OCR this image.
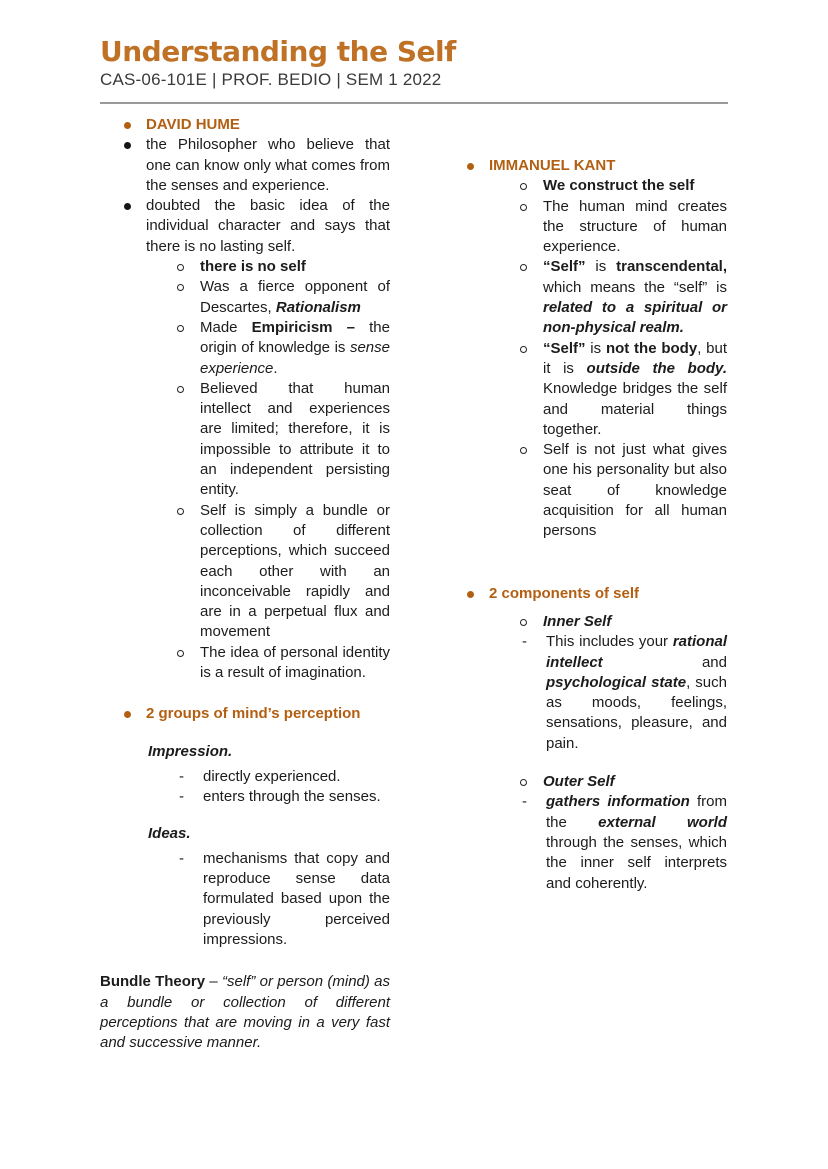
Understanding the Self
CAS-06-101E | PROF. BEDIO | SEM 1 2022
DAVID HUME
the Philosopher who believe that one can know only what comes from the senses and experience.
doubted the basic idea of the individual character and says that there is no lasting self.
there is no self
Was a fierce opponent of Descartes, Rationalism
Made Empiricism – the origin of knowledge is sense experience.
Believed that human intellect and experiences are limited; therefore, it is impossible to attribute it to an independent persisting entity.
Self is simply a bundle or collection of different perceptions, which succeed each other with an inconceivable rapidly and are in a perpetual flux and movement
The idea of personal identity is a result of imagination.
2 groups of mind’s perception
Impression.
- directly experienced.
- enters through the senses.
Ideas.
- mechanisms that copy and reproduce sense data formulated based upon the previously perceived impressions.
Bundle Theory – “self” or person (mind) as a bundle or collection of different perceptions that are moving in a very fast and successive manner.
IMMANUEL KANT
We construct the self
The human mind creates the structure of human experience.
“Self” is transcendental, which means the “self” is related to a spiritual or non-physical realm.
“Self” is not the body, but it is outside the body. Knowledge bridges the self and material things together.
Self is not just what gives one his personality but also seat of knowledge acquisition for all human persons
2 components of self
Inner Self
- This includes your rational intellect and psychological state, such as moods, feelings, sensations, pleasure, and pain.
Outer Self
- gathers information from the external world through the senses, which the inner self interprets and coherently.
